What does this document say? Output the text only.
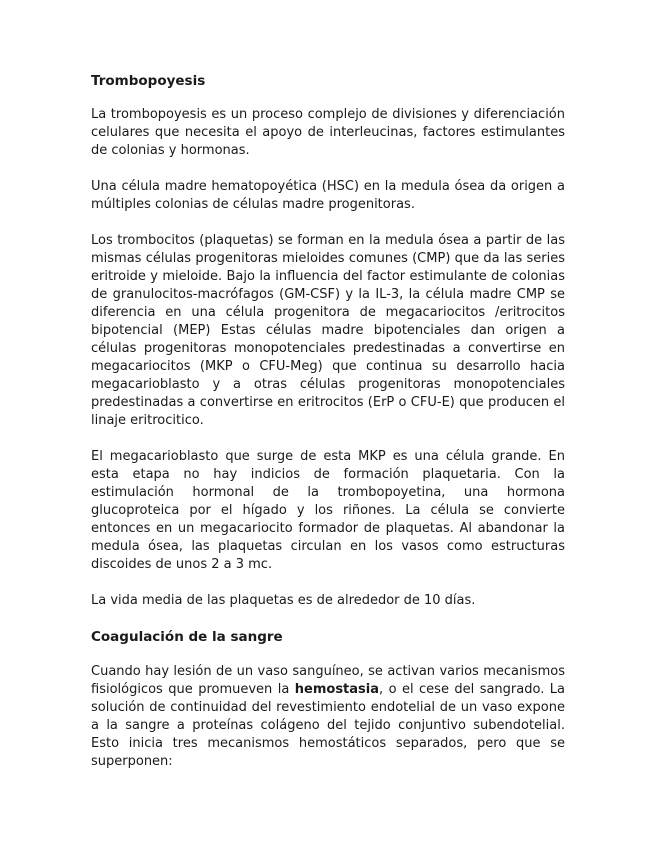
Trombopoyesis

La trombopoyesis es un proceso complejo de divisiones y diferenciación celulares que necesita el apoyo de interleucinas, factores estimulantes de colonias y hormonas.

Una célula madre hematopoyética (HSC) en la medula ósea da origen a múltiples colonias de células madre progenitoras.

Los trombocitos (plaquetas) se forman en la medula ósea a partir de las mismas células progenitoras mieloides comunes (CMP) que da las series eritroide y mieloide. Bajo la influencia del factor estimulante de colonias de granulocitos-macrófagos (GM-CSF) y la IL-3, la célula madre CMP se diferencia en una célula progenitora de megacariocitos /eritrocitos bipotencial (MEP) Estas células madre bipotenciales dan origen a células progenitoras monopotenciales predestinadas a convertirse en megacariocitos (MKP o CFU-Meg) que continua su desarrollo hacia megacarioblasto y a otras células progenitoras monopotenciales predestinadas a convertirse en eritrocitos (ErP o CFU-E) que producen el linaje eritrocitico.

El megacarioblasto que surge de esta MKP es una célula grande. En esta etapa no hay indicios de formación plaquetaria. Con la estimulación hormonal de la trombopoyetina, una hormona glucoproteica por el hígado y los riñones. La célula se convierte entonces en un megacariocito formador de plaquetas. Al abandonar la medula ósea, las plaquetas circulan en los vasos como estructuras discoides de unos 2 a 3 mc.

La vida media de las plaquetas es de alrededor de 10 días.

Coagulación de la sangre

Cuando hay lesión de un vaso sanguíneo, se activan varios mecanismos fisiológicos que promueven la hemostasia, o el cese del sangrado. La solución de continuidad del revestimiento endotelial de un vaso expone a la sangre a proteínas colágeno del tejido conjuntivo subendotelial. Esto inicia tres mecanismos hemostáticos separados, pero que se superponen:
